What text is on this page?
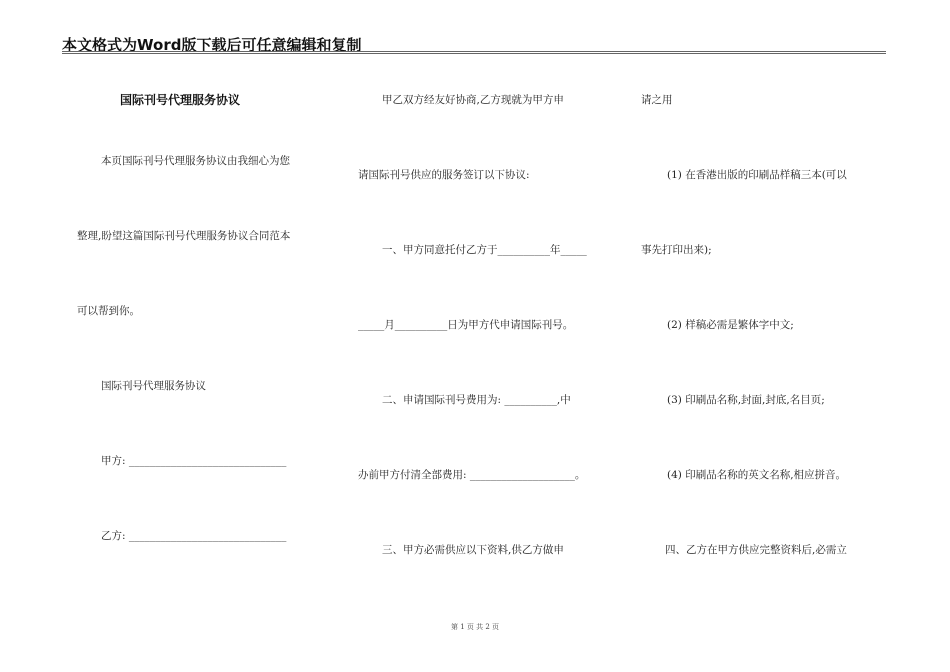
本文格式为Word版下载后可任意编辑和复制
国际刊号代理服务协议
本页国际刊号代理服务协议由我细心为您
整理,盼望这篇国际刊号代理服务协议合同范本
可以帮到你。
国际刊号代理服务协议
甲方: ______________________________
乙方: ______________________________
甲乙双方经友好协商,乙方现就为甲方申
请国际刊号供应的服务签订以下协议:
一、甲方同意托付乙方于__________年_____
_____月__________日为甲方代申请国际刊号。
二、申请国际刊号费用为: __________,中
办前甲方付清全部费用: ____________________。
三、甲方必需供应以下资料,供乙方做申
请之用
(1) 在香港出版的印刷品样稿三本(可以
事先打印出来);
(2) 样稿必需是繁体字中文;
(3) 印刷品名称,封面,封底,名目页;
(4) 印刷品名称的英文名称,相应拼音。
四、乙方在甲方供应完整资料后,必需立
第 1 页 共 2 页
